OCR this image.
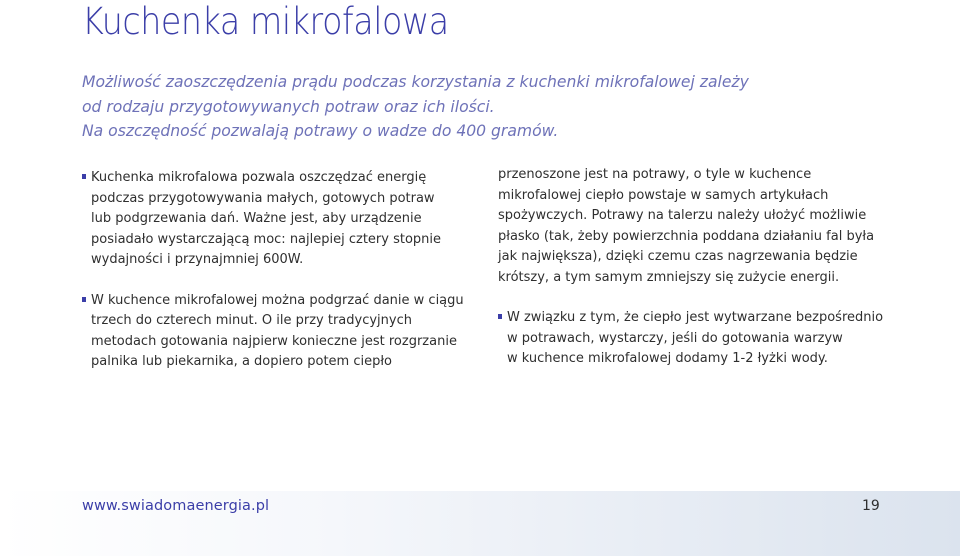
Kuchenka mikrofalowa
Możliwość zaoszczędzenia prądu podczas korzystania z kuchenki mikrofalowej zależy
od rodzaju przygotowywanych potraw oraz ich ilości.
Na oszczędność pozwalają potrawy o wadze do 400 gramów.
Kuchenka mikrofalowa pozwala oszczędzać energię
podczas przygotowywania małych, gotowych potraw
lub podgrzewania dań. Ważne jest, aby urządzenie
posiadało wystarczającą moc: najlepiej cztery stopnie
wydajności i przynajmniej 600W.
W kuchence mikrofalowej można podgrzać danie w ciągu
trzech do czterech minut. O ile przy tradycyjnych
metodach gotowania najpierw konieczne jest rozgrzanie
palnika lub piekarnika, a dopiero potem ciepło
przenoszone jest na potrawy, o tyle w kuchence
mikrofalowej ciepło powstaje w samych artykułach
spożywczych. Potrawy na talerzu należy ułożyć możliwie
płasko (tak, żeby powierzchnia poddana działaniu fal była
jak największa), dzięki czemu czas nagrzewania będzie
krótszy, a tym samym zmniejszy się zużycie energii.
W związku z tym, że ciepło jest wytwarzane bezpośrednio
w potrawach, wystarczy, jeśli do gotowania warzyw
w kuchence mikrofalowej dodamy 1-2 łyżki wody.
www.swiadomaenergia.pl	19
